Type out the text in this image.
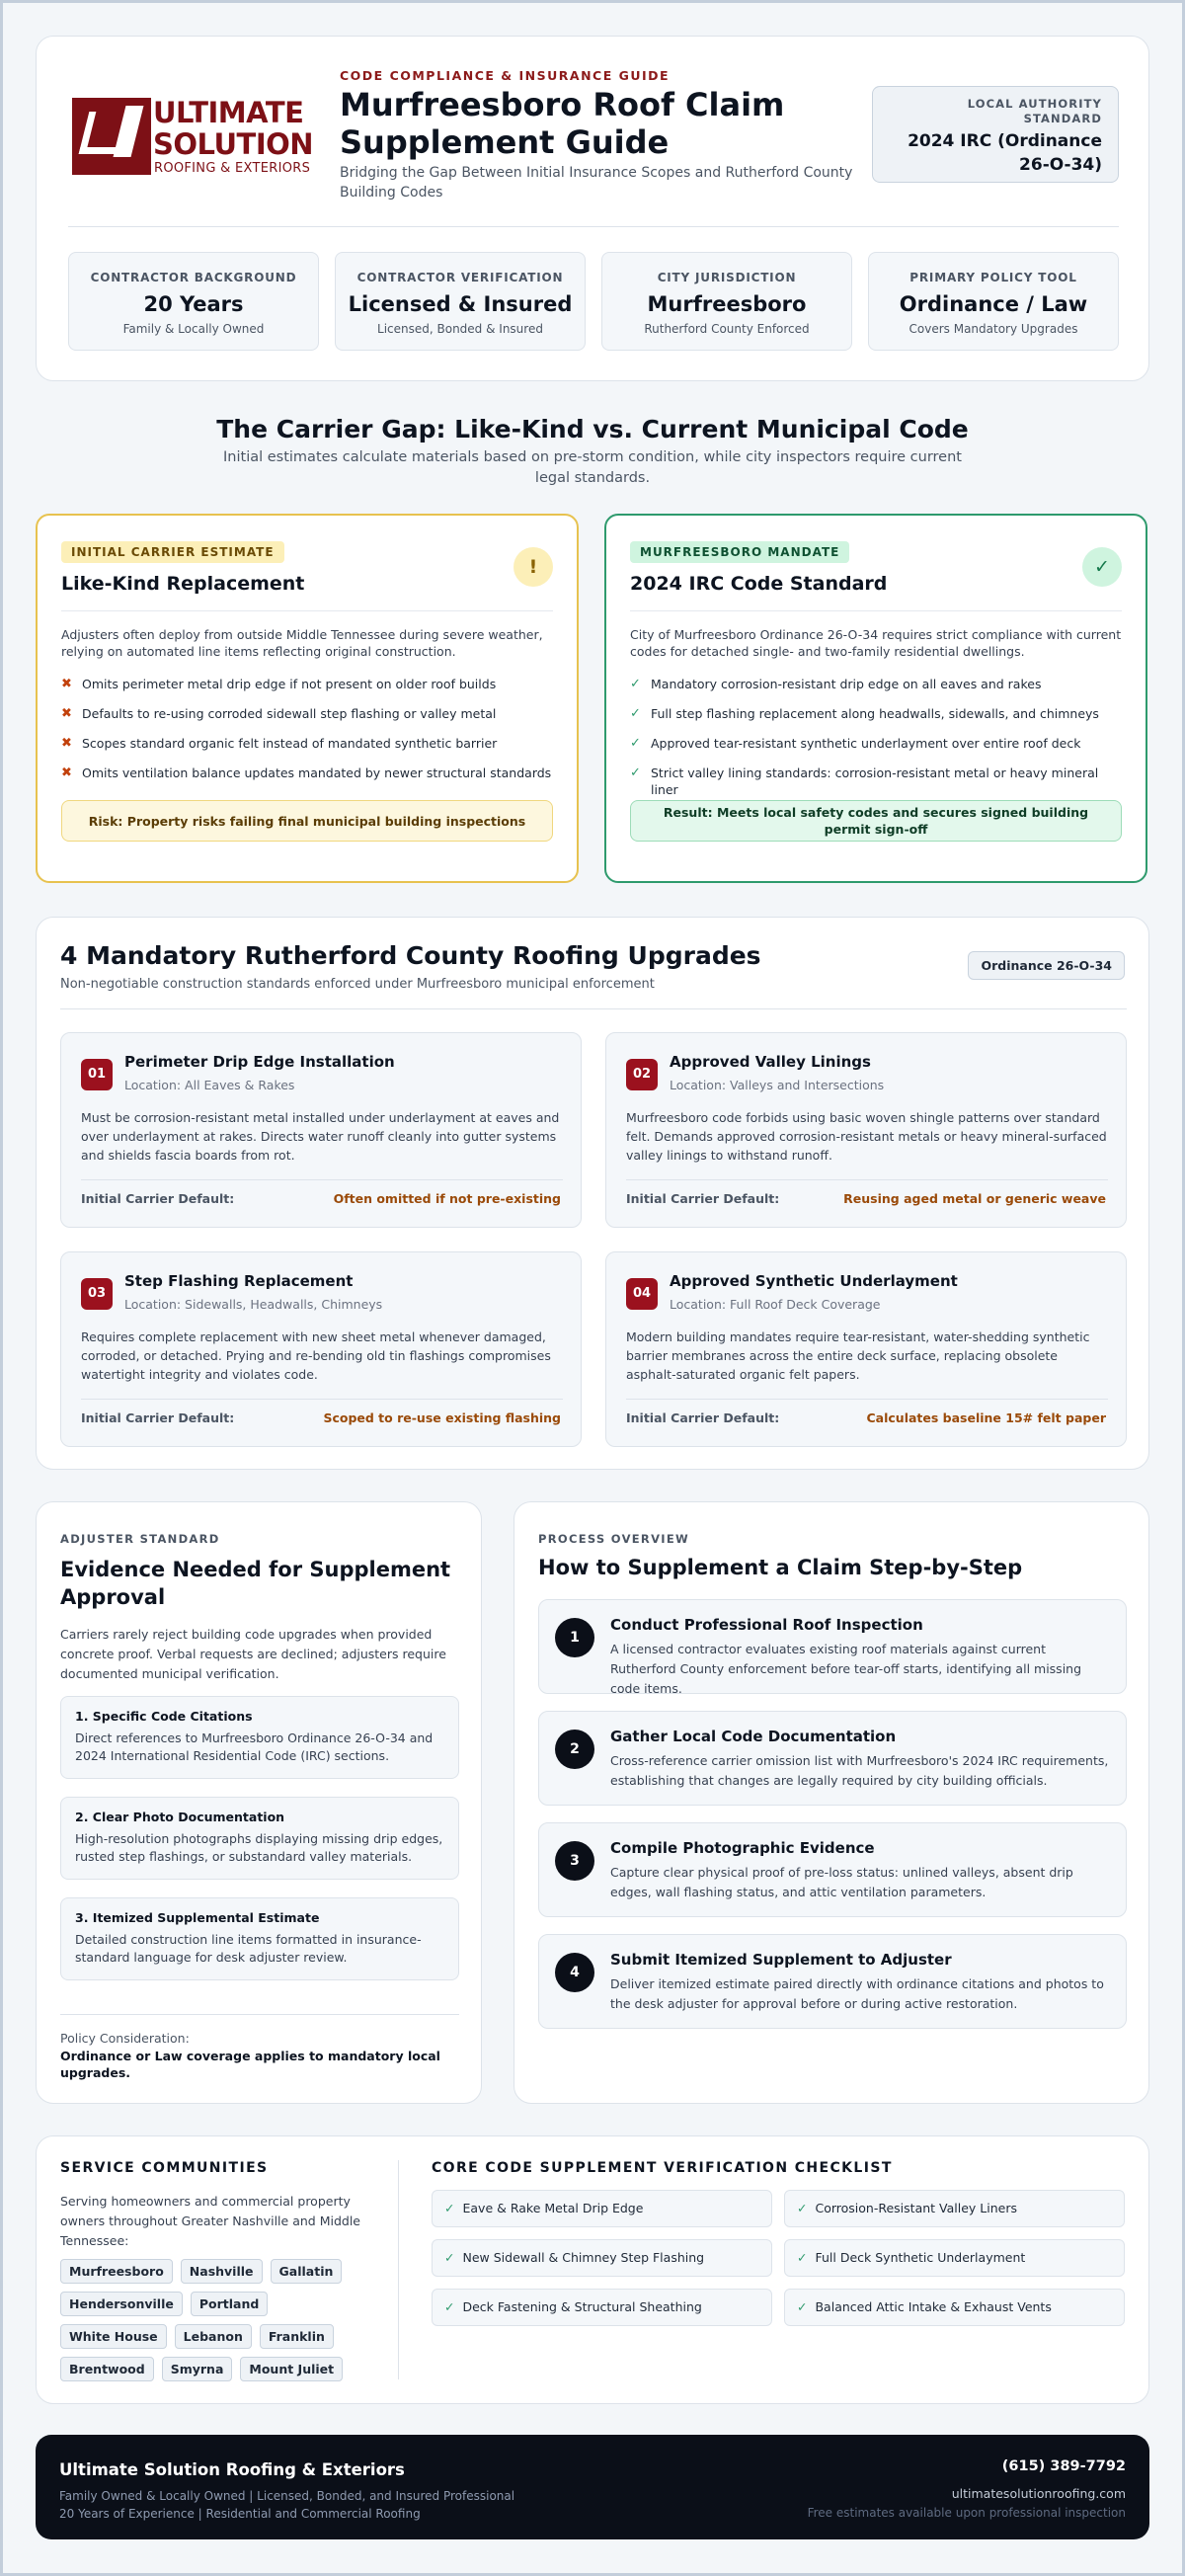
ULTIMATE
SOLUTION
ROOFING & EXTERIORS
CODE COMPLIANCE & INSURANCE GUIDE
Murfreesboro Roof Claim Supplement Guide
Bridging the Gap Between Initial Insurance Scopes and Rutherford County Building Codes
LOCAL AUTHORITY STANDARD
2024 IRC (Ordinance 26-O-34)
CONTRACTOR BACKGROUND
20 Years
Family & Locally Owned
CONTRACTOR VERIFICATION
Licensed & Insured
Licensed, Bonded & Insured
CITY JURISDICTION
Murfreesboro
Rutherford County Enforced
PRIMARY POLICY TOOL
Ordinance / Law
Covers Mandatory Upgrades
The Carrier Gap: Like-Kind vs. Current Municipal Code
Initial estimates calculate materials based on pre-storm condition, while city inspectors require current legal standards.
INITIAL CARRIER ESTIMATE
Like-Kind Replacement
!
Adjusters often deploy from outside Middle Tennessee during severe weather, relying on automated line items reflecting original construction.
✖ Omits perimeter metal drip edge if not present on older roof builds
✖ Defaults to re-using corroded sidewall step flashing or valley metal
✖ Scopes standard organic felt instead of mandated synthetic barrier
✖ Omits ventilation balance updates mandated by newer structural standards
Risk: Property risks failing final municipal building inspections
MURFREESBORO MANDATE
2024 IRC Code Standard
✓
City of Murfreesboro Ordinance 26-O-34 requires strict compliance with current codes for detached single- and two-family residential dwellings.
✓ Mandatory corrosion-resistant drip edge on all eaves and rakes
✓ Full step flashing replacement along headwalls, sidewalls, and chimneys
✓ Approved tear-resistant synthetic underlayment over entire roof deck
✓ Strict valley lining standards: corrosion-resistant metal or heavy mineral liner
Result: Meets local safety codes and secures signed building permit sign-off
4 Mandatory Rutherford County Roofing Upgrades
Non-negotiable construction standards enforced under Murfreesboro municipal enforcement
Ordinance 26-O-34
01
Perimeter Drip Edge Installation
Location: All Eaves & Rakes
Must be corrosion-resistant metal installed under underlayment at eaves and over underlayment at rakes. Directs water runoff cleanly into gutter systems and shields fascia boards from rot.
Initial Carrier Default:	Often omitted if not pre-existing
02
Approved Valley Linings
Location: Valleys and Intersections
Murfreesboro code forbids using basic woven shingle patterns over standard felt. Demands approved corrosion-resistant metals or heavy mineral-surfaced valley linings to withstand runoff.
Initial Carrier Default:	Reusing aged metal or generic weave
03
Step Flashing Replacement
Location: Sidewalls, Headwalls, Chimneys
Requires complete replacement with new sheet metal whenever damaged, corroded, or detached. Prying and re-bending old tin flashings compromises watertight integrity and violates code.
Initial Carrier Default:	Scoped to re-use existing flashing
04
Approved Synthetic Underlayment
Location: Full Roof Deck Coverage
Modern building mandates require tear-resistant, water-shedding synthetic barrier membranes across the entire deck surface, replacing obsolete asphalt-saturated organic felt papers.
Initial Carrier Default:	Calculates baseline 15# felt paper
ADJUSTER STANDARD
Evidence Needed for Supplement Approval
Carriers rarely reject building code upgrades when provided concrete proof. Verbal requests are declined; adjusters require documented municipal verification.
1. Specific Code Citations
Direct references to Murfreesboro Ordinance 26-O-34 and 2024 International Residential Code (IRC) sections.
2. Clear Photo Documentation
High-resolution photographs displaying missing drip edges, rusted step flashings, or substandard valley materials.
3. Itemized Supplemental Estimate
Detailed construction line items formatted in insurance-standard language for desk adjuster review.
Policy Consideration:
Ordinance or Law coverage applies to mandatory local upgrades.
PROCESS OVERVIEW
How to Supplement a Claim Step-by-Step
1
Conduct Professional Roof Inspection
A licensed contractor evaluates existing roof materials against current Rutherford County enforcement before tear-off starts, identifying all missing code items.
2
Gather Local Code Documentation
Cross-reference carrier omission list with Murfreesboro's 2024 IRC requirements, establishing that changes are legally required by city building officials.
3
Compile Photographic Evidence
Capture clear physical proof of pre-loss status: unlined valleys, absent drip edges, wall flashing status, and attic ventilation parameters.
4
Submit Itemized Supplement to Adjuster
Deliver itemized estimate paired directly with ordinance citations and photos to the desk adjuster for approval before or during active restoration.
SERVICE COMMUNITIES
Serving homeowners and commercial property owners throughout Greater Nashville and Middle Tennessee:
Murfreesboro	Nashville	Gallatin
Hendersonville	Portland
White House	Lebanon	Franklin
Brentwood	Smyrna	Mount Juliet
CORE CODE SUPPLEMENT VERIFICATION CHECKLIST
✓ Eave & Rake Metal Drip Edge	✓ Corrosion-Resistant Valley Liners
✓ New Sidewall & Chimney Step Flashing	✓ Full Deck Synthetic Underlayment
✓ Deck Fastening & Structural Sheathing	✓ Balanced Attic Intake & Exhaust Vents
Ultimate Solution Roofing & Exteriors
Family Owned & Locally Owned | Licensed, Bonded, and Insured Professional
20 Years of Experience | Residential and Commercial Roofing
(615) 389-7792
ultimatesolutionroofing.com
Free estimates available upon professional inspection
